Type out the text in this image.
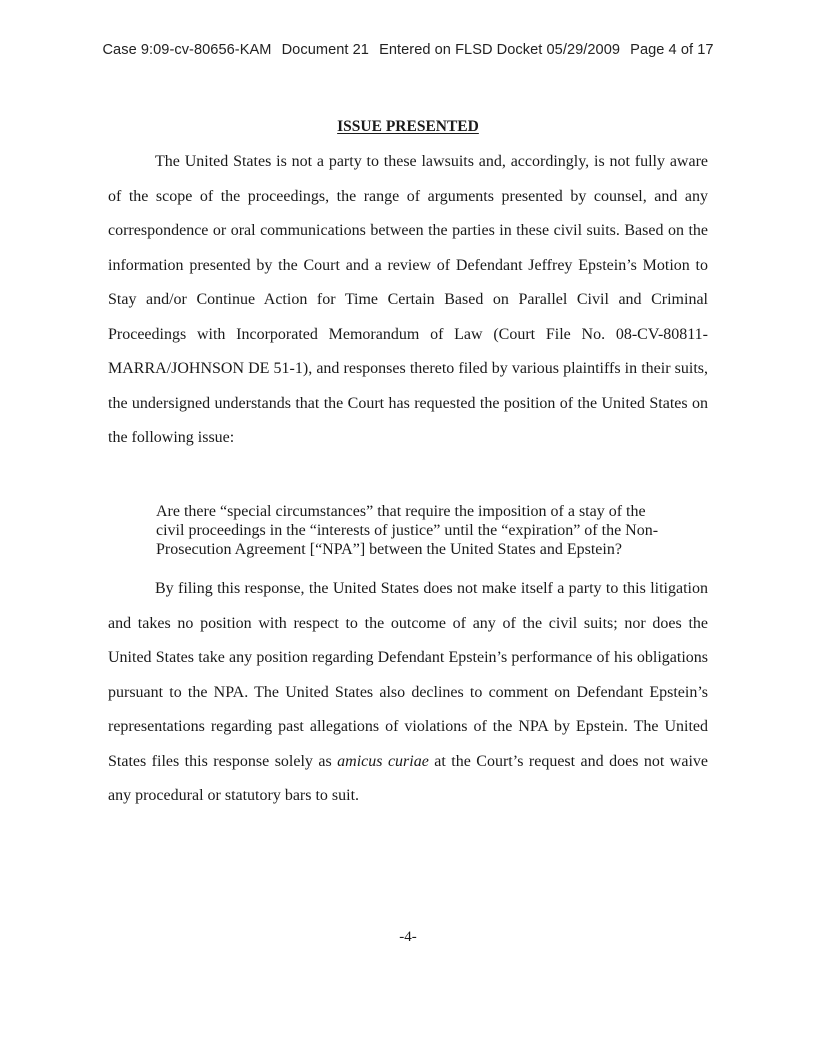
Case 9:09-cv-80656-KAM Document 21 Entered on FLSD Docket 05/29/2009 Page 4 of 17
ISSUE PRESENTED

The United States is not a party to these lawsuits and, accordingly, is not fully aware of the scope of the proceedings, the range of arguments presented by counsel, and any correspondence or oral communications between the parties in these civil suits. Based on the information presented by the Court and a review of Defendant Jeffrey Epstein’s Motion to Stay and/or Continue Action for Time Certain Based on Parallel Civil and Criminal Proceedings with Incorporated Memorandum of Law (Court File No. 08-CV-80811-MARRA/JOHNSON DE 51-1), and responses thereto filed by various plaintiffs in their suits, the undersigned understands that the Court has requested the position of the United States on the following issue:

Are there “special circumstances” that require the imposition of a stay of the civil proceedings in the “interests of justice” until the “expiration” of the Non-Prosecution Agreement [“NPA”] between the United States and Epstein?

By filing this response, the United States does not make itself a party to this litigation and takes no position with respect to the outcome of any of the civil suits; nor does the United States take any position regarding Defendant Epstein’s performance of his obligations pursuant to the NPA. The United States also declines to comment on Defendant Epstein’s representations regarding past allegations of violations of the NPA by Epstein. The United States files this response solely as amicus curiae at the Court’s request and does not waive any procedural or statutory bars to suit.

-4-
